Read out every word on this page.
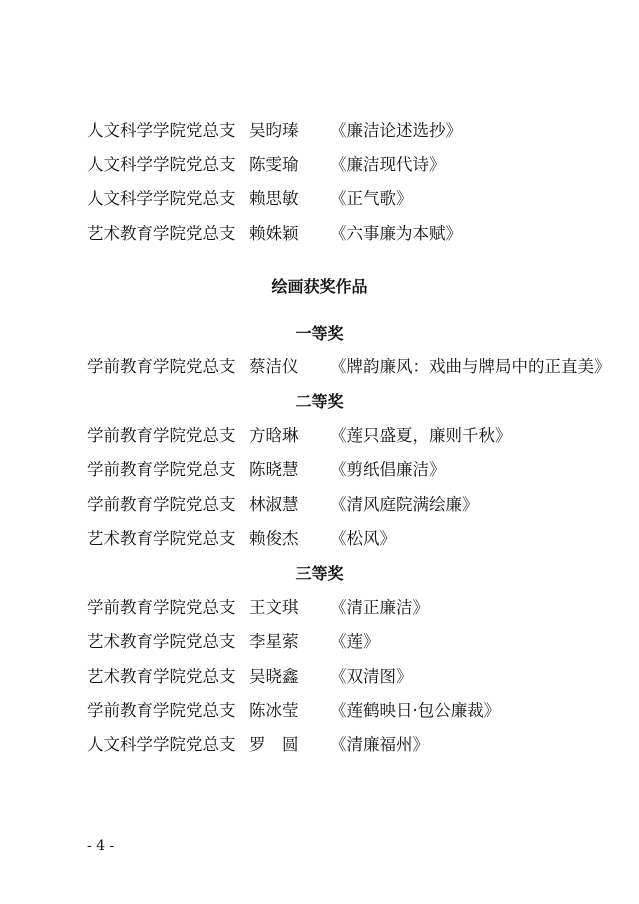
人文科学学院党总支 吴昀瑧 《廉洁论述选抄》
人文科学学院党总支 陈雯瑜 《廉洁现代诗》
人文科学学院党总支 赖思敏 《正气歌》
艺术教育学院党总支 赖姝颖 《六事廉为本赋》
绘画获奖作品
一等奖
学前教育学院党总支 蔡洁仪 《牌韵廉风：戏曲与牌局中的正直美》
二等奖
学前教育学院党总支 方晗琳 《莲只盛夏，廉则千秋》
学前教育学院党总支 陈晓慧 《剪纸倡廉洁》
学前教育学院党总支 林淑慧 《清风庭院满绘廉》
艺术教育学院党总支 赖俊杰 《松风》
三等奖
学前教育学院党总支 王文琪 《清正廉洁》
艺术教育学院党总支 李星萦 《莲》
艺术教育学院党总支 吴晓鑫 《双清图》
学前教育学院党总支 陈冰莹 《莲鹤映日·包公廉裁》
人文科学学院党总支 罗　圆 《清廉福州》
- 4 -
